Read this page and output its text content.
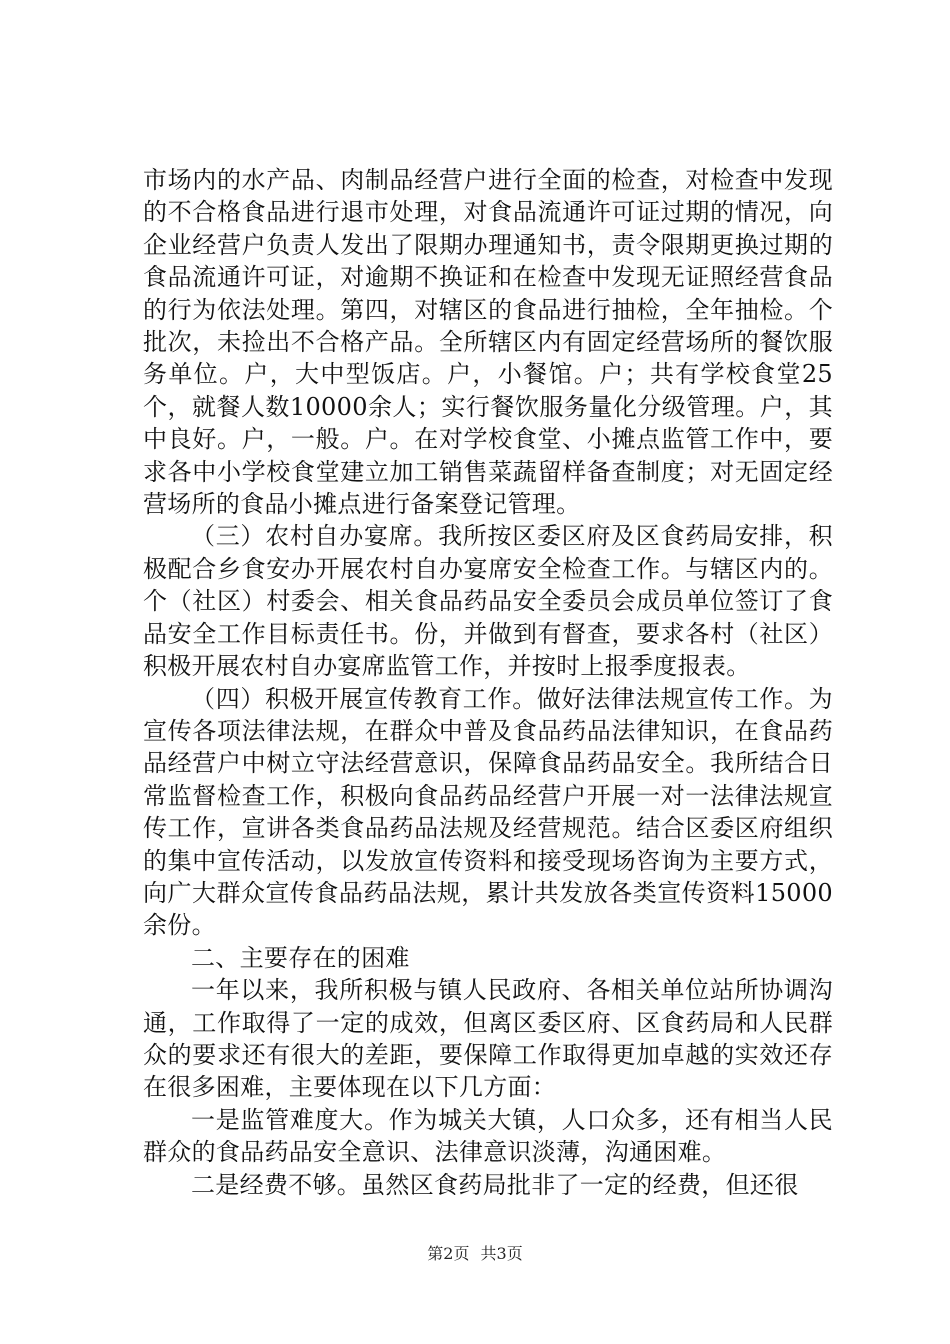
市场内的水产品、肉制品经营户进行全面的检查，对检查中发现的不合格食品进行退市处理，对食品流通许可证过期的情况，向企业经营户负责人发出了限期办理通知书，责令限期更换过期的食品流通许可证，对逾期不换证和在检查中发现无证照经营食品的行为依法处理。第四，对辖区的食品进行抽检，全年抽检。个批次，未捡出不合格产品。全所辖区内有固定经营场所的餐饮服务单位。户，大中型饭店。户，小餐馆。户；共有学校食堂25个，就餐人数10000余人；实行餐饮服务量化分级管理。户，其中良好。户，一般。户。在对学校食堂、小摊点监管工作中，要求各中小学校食堂建立加工销售菜蔬留样备查制度；对无固定经营场所的食品小摊点进行备案登记管理。

（三）农村自办宴席。我所按区委区府及区食药局安排，积极配合乡食安办开展农村自办宴席安全检查工作。与辖区内的。个（社区）村委会、相关食品药品安全委员会成员单位签订了食品安全工作目标责任书。份，并做到有督查，要求各村（社区）积极开展农村自办宴席监管工作，并按时上报季度报表。

（四）积极开展宣传教育工作。做好法律法规宣传工作。为宣传各项法律法规，在群众中普及食品药品法律知识，在食品药品经营户中树立守法经营意识，保障食品药品安全。我所结合日常监督检查工作，积极向食品药品经营户开展一对一法律法规宣传工作，宣讲各类食品药品法规及经营规范。结合区委区府组织的集中宣传活动，以发放宣传资料和接受现场咨询为主要方式，向广大群众宣传食品药品法规，累计共发放各类宣传资料15000余份。

二、主要存在的困难

一年以来，我所积极与镇人民政府、各相关单位站所协调沟通，工作取得了一定的成效，但离区委区府、区食药局和人民群众的要求还有很大的差距，要保障工作取得更加卓越的实效还存在很多困难，主要体现在以下几方面：

一是监管难度大。作为城关大镇，人口众多，还有相当人民群众的食品药品安全意识、法律意识淡薄，沟通困难。

二是经费不够。虽然区食药局批非了一定的经费，但还很

第2页 共3页
